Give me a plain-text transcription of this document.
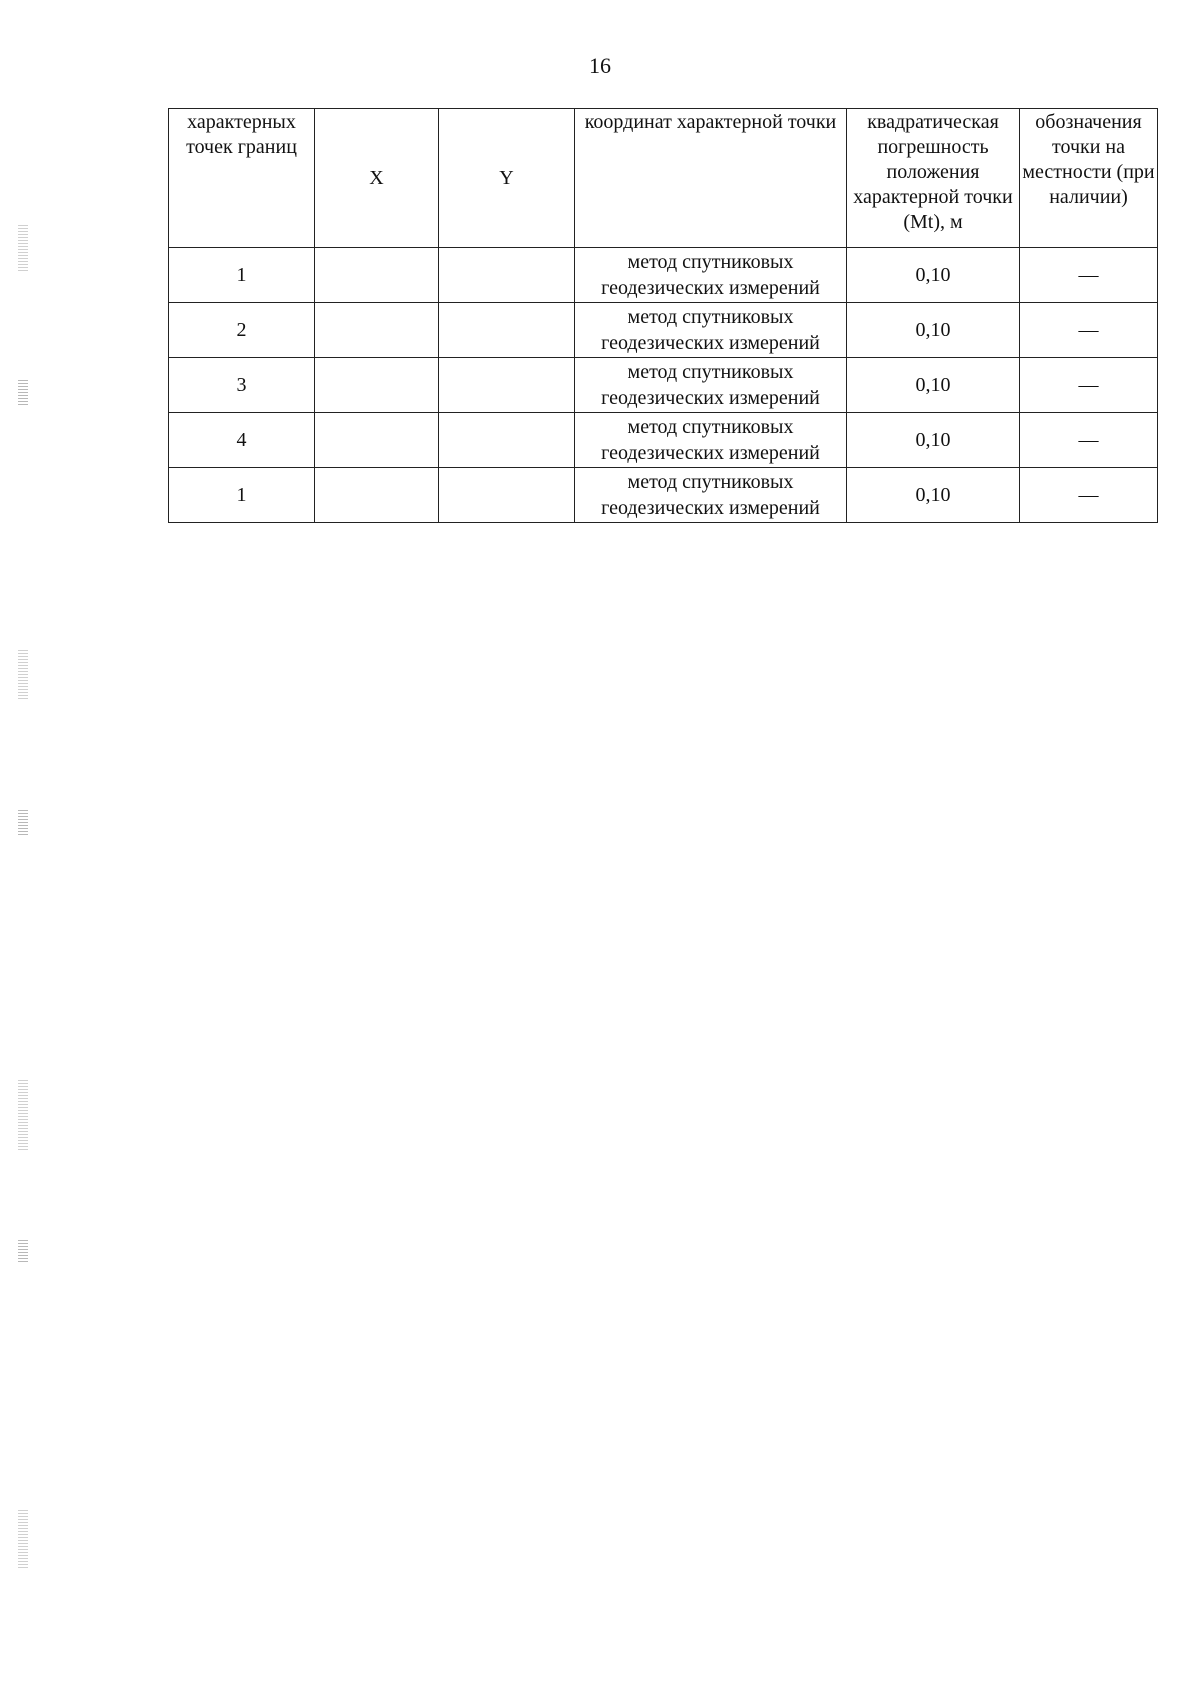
16
характерных точек границ	X	Y	координат характерной точки	квадратическая погрешность положения характерной точки (Mt), м	обозначения точки на местности (при наличии)
1			метод спутниковых геодезических измерений	0,10	—
2			метод спутниковых геодезических измерений	0,10	—
3			метод спутниковых геодезических измерений	0,10	—
4			метод спутниковых геодезических измерений	0,10	—
1			метод спутниковых геодезических измерений	0,10	—
